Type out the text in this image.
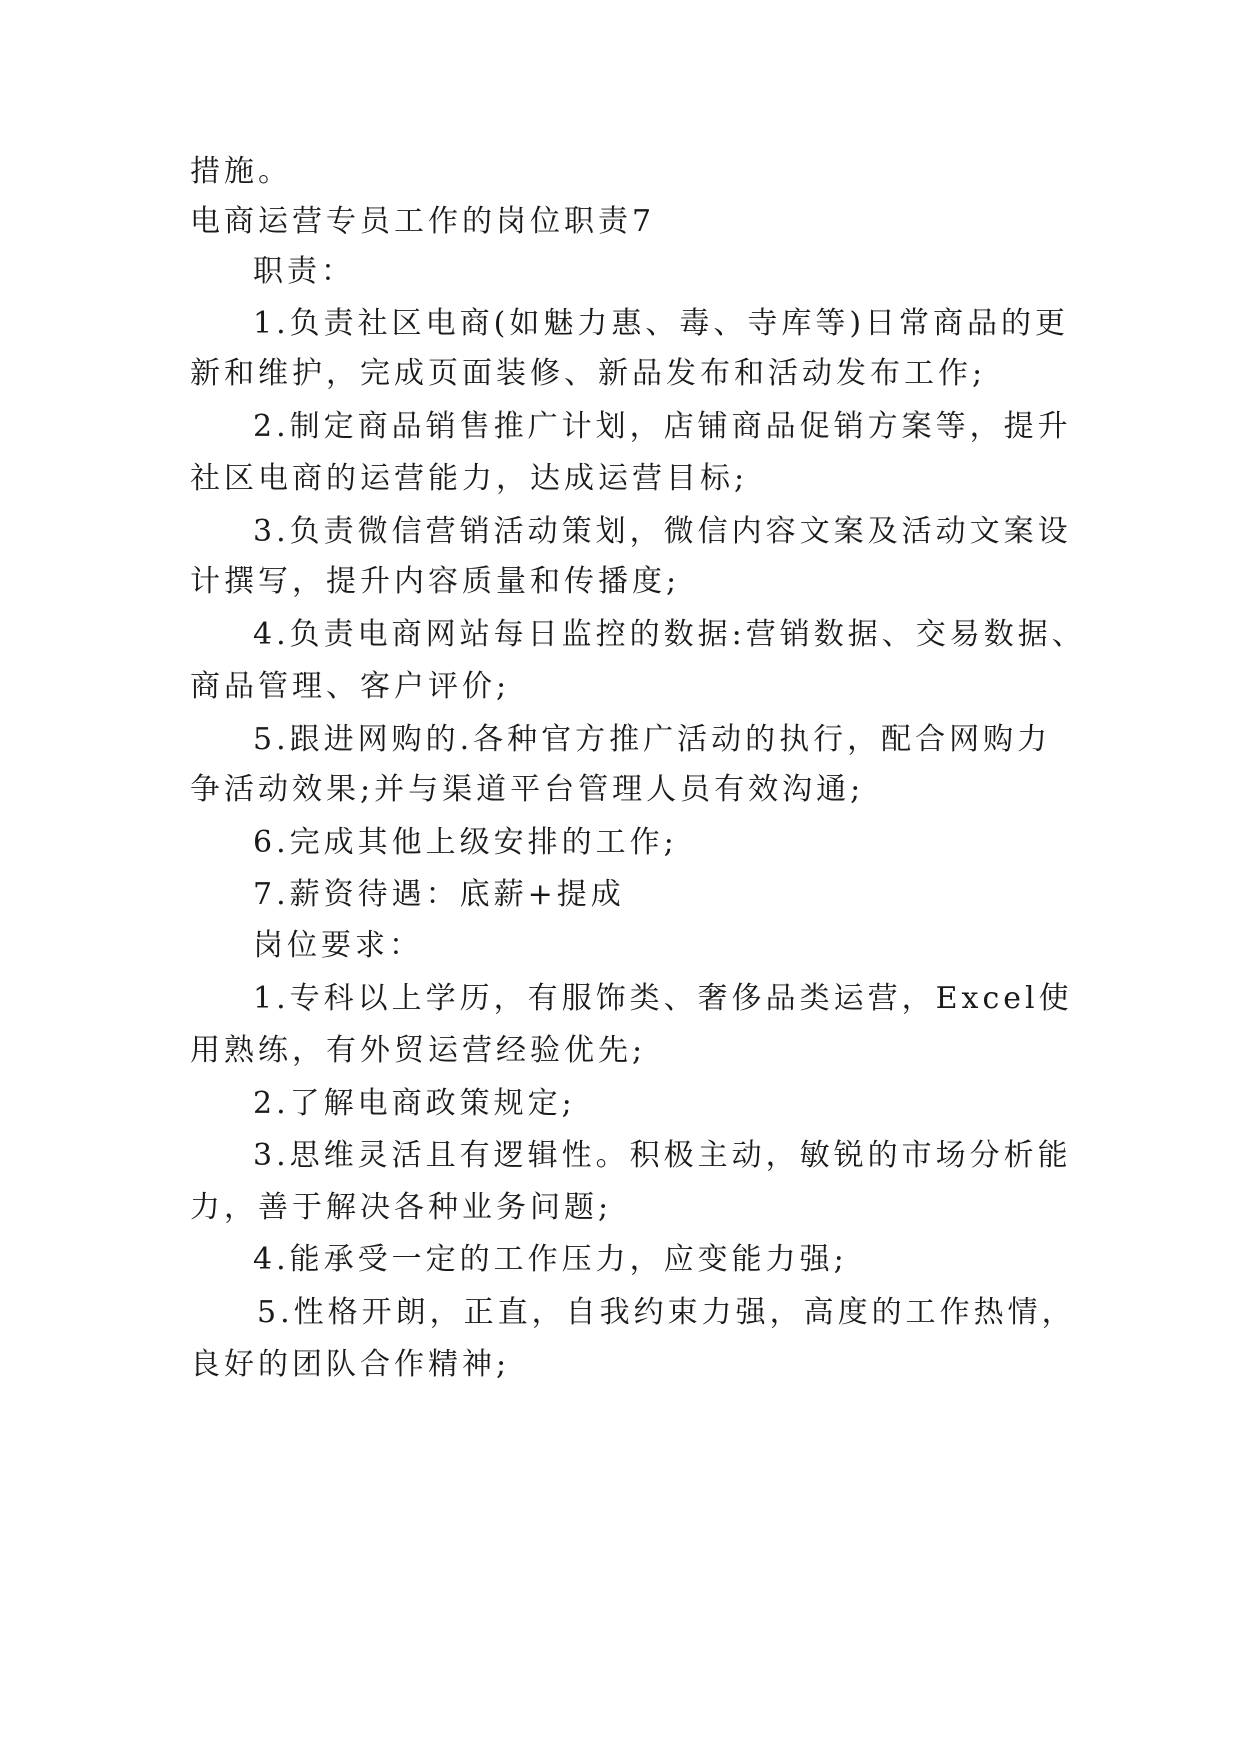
措施。
电商运营专员工作的岗位职责7
职责：
1.负责社区电商(如魅力惠、毒、寺库等)日常商品的更
新和维护，完成页面装修、新品发布和活动发布工作;
2.制定商品销售推广计划，店铺商品促销方案等，提升
社区电商的运营能力，达成运营目标;
3.负责微信营销活动策划，微信内容文案及活动文案设
计撰写，提升内容质量和传播度;
4.负责电商网站每日监控的数据:营销数据、交易数据、
商品管理、客户评价;
5.跟进网购的.各种官方推广活动的执行，配合网购力
争活动效果;并与渠道平台管理人员有效沟通;
6.完成其他上级安排的工作;
7.薪资待遇：底薪+提成
岗位要求：
1.专科以上学历，有服饰类、奢侈品类运营，Excel使
用熟练，有外贸运营经验优先;
2.了解电商政策规定;
3.思维灵活且有逻辑性。积极主动，敏锐的市场分析能
力，善于解决各种业务问题;
4.能承受一定的工作压力，应变能力强;
5.性格开朗，正直，自我约束力强，高度的工作热情，
良好的团队合作精神;
